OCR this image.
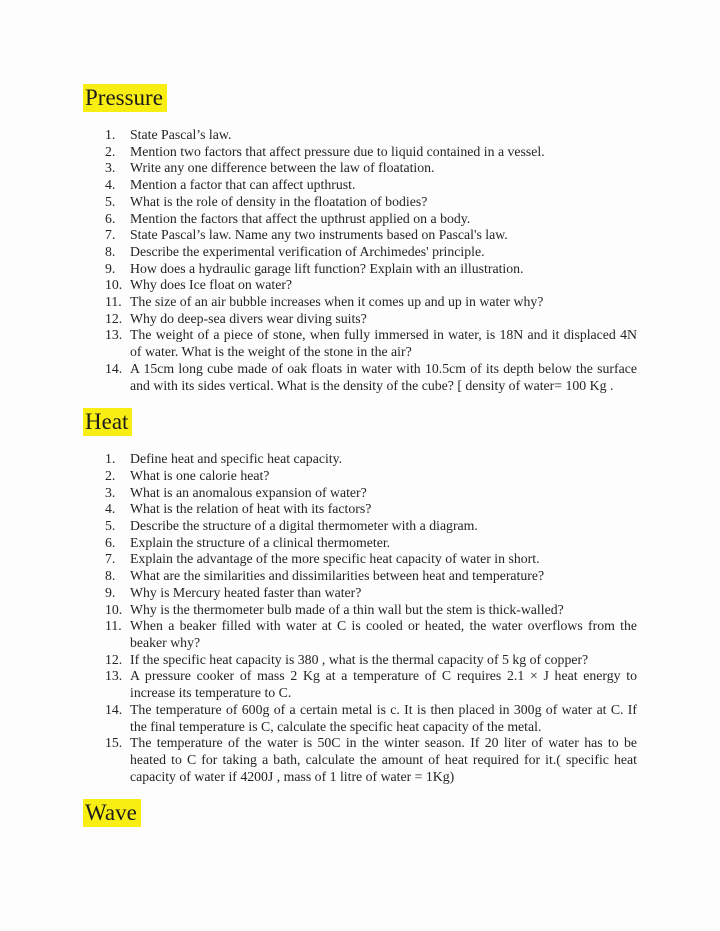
Pressure
1. State Pascal’s law.
2. Mention two factors that affect pressure due to liquid contained in a vessel.
3. Write any one difference between the law of floatation.
4. Mention a factor that can affect upthrust.
5. What is the role of density in the floatation of bodies?
6. Mention the factors that affect the upthrust applied on a body.
7. State Pascal’s law. Name any two instruments based on Pascal's law.
8. Describe the experimental verification of Archimedes' principle.
9. How does a hydraulic garage lift function? Explain with an illustration.
10. Why does Ice float on water?
11. The size of an air bubble increases when it comes up and up in water why?
12. Why do deep-sea divers wear diving suits?
13. The weight of a piece of stone, when fully immersed in water, is 18N and it displaced 4N of water. What is the weight of the stone in the air?
14. A 15cm long cube made of oak floats in water with 10.5cm of its depth below the surface and with its sides vertical. What is the density of the cube? [ density of water= 100 Kg .
Heat
1. Define heat and specific heat capacity.
2. What is one calorie heat?
3. What is an anomalous expansion of water?
4. What is the relation of heat with its factors?
5. Describe the structure of a digital thermometer with a diagram.
6. Explain the structure of a clinical thermometer.
7. Explain the advantage of the more specific heat capacity of water in short.
8. What are the similarities and dissimilarities between heat and temperature?
9. Why is Mercury heated faster than water?
10. Why is the thermometer bulb made of a thin wall but the stem is thick-walled?
11. When a beaker filled with water at C is cooled or heated, the water overflows from the beaker why?
12. If the specific heat capacity is 380 , what is the thermal capacity of 5 kg of copper?
13. A pressure cooker of mass 2 Kg at a temperature of C requires 2.1 × J heat energy to increase its temperature to C.
14. The temperature of 600g of a certain metal is c. It is then placed in 300g of water at C. If the final temperature is C, calculate the specific heat capacity of the metal.
15. The temperature of the water is 50C in the winter season. If 20 liter of water has to be heated to C for taking a bath, calculate the amount of heat required for it.( specific heat capacity of water if 4200J , mass of 1 litre of water = 1Kg)
Wave
